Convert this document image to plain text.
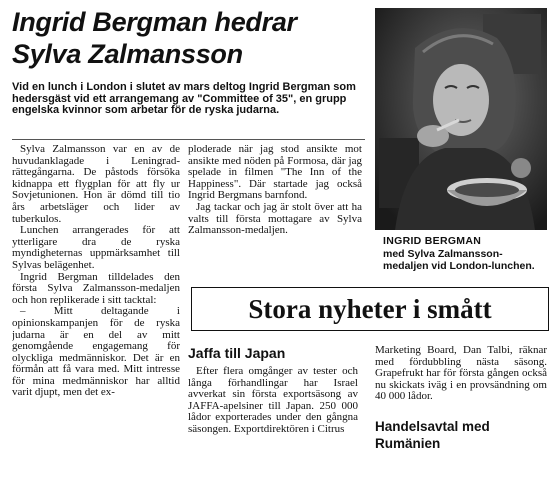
Ingrid Bergman hedrar Sylva Zalmansson
Vid en lunch i London i slutet av mars deltog Ingrid Bergman som hedersgäst vid ett arrangemang av "Committee of 35", en grupp engelska kvinnor som arbetar för de ryska judarna.

Sylva Zalmansson var en av de huvudanklagade i Leningrad-rättegångarna. De påstods försöka kidnappa ett flygplan för att fly ur Sovjetunionen. Hon är dömd till tio års arbetsläger och lider av tuberkulos.

Lunchen arrangerades för att ytterligare dra de ryska myndigheternas uppmärksamhet till Sylvas belägenhet.

Ingrid Bergman tilldelades den första Sylva Zalmansson-medaljen och hon replikerade i sitt tacktal:

– Mitt deltagande i opinionskampanjen för de ryska judarna är en del av mitt genomgående engagemang för olyckliga medmänniskor. Det är en förmån att få vara med. Mitt intresse för mina medmänniskor har alltid varit djupt, men det ex-

ploderade när jag stod ansikte mot ansikte med nöden på Formosa, där jag spelade in filmen "The Inn of the Happiness". Där startade jag också Ingrid Bergmans barnfond.

Jag tackar och jag är stolt över att ha valts till första mottagare av Sylva Zalmansson-medaljen.

INGRID BERGMAN
med Sylva Zalmansson-medaljen vid London-lunchen.
Stora nyheter i smått
Jaffa till Japan

Efter flera omgånger av tester och långa förhandlingar har Israel avverkat sin första exportsäsong av JAFFA-apelsiner till Japan. 250 000 lådor exporterades under den gångna säsongen. Exportdirektören i Citrus

Marketing Board, Dan Talbi, räknar med fördubbling nästa säsong. Grapefrukt har för första gången också nu skickats iväg i en provsändning om 40 000 lådor.

Handelsavtal med Rumänien
